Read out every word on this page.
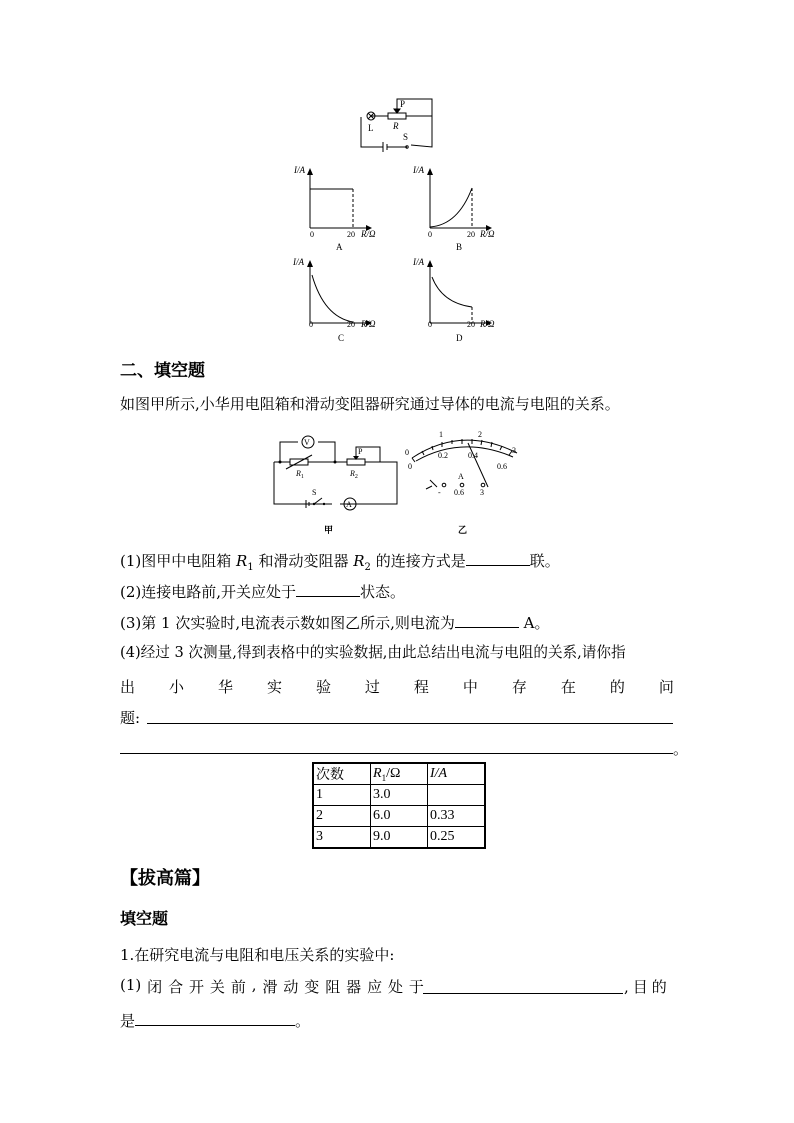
L
P
R
S
I/A
0	20 R/Ω
A
I/A
0	20 R/Ω
B
I/A
0	20 R/Ω
C
I/A
0	20 R/Ω
D
二、填空题
如图甲所示,小华用电阻箱和滑动变阻器研究通过导体的电流与电阻的关系。
V
A
$R_1$	$R_2$
P
S
甲
0
1	2
3
0
0.2	0.4
0.6
A
- 0.6 3
乙
(1)图甲中电阻箱 $R_1$ 和滑动变阻器 $R_2$ 的连接方式是	联。
(2)连接电路前,开关应处于	状态。
(3)第 1 次实验时,电流表示数如图乙所示,则电流为	A。
(4)经过 3 次测量,得到表格中的实验数据,由此总结出电流与电阻的关系,请你指
出 小 华 实 验 过 程 中 存 在 的 问
题:
。
次数	$R_1/\Omega$	I/A
1	3.0	
2	6.0	0.33
3	9.0	0.25
【拔高篇】
填空题
1.在研究电流与电阻和电压关系的实验中:
(1) 闭 合 开 关 前 , 滑 动 变 阻 器 应 处 于	,目的
是	。
